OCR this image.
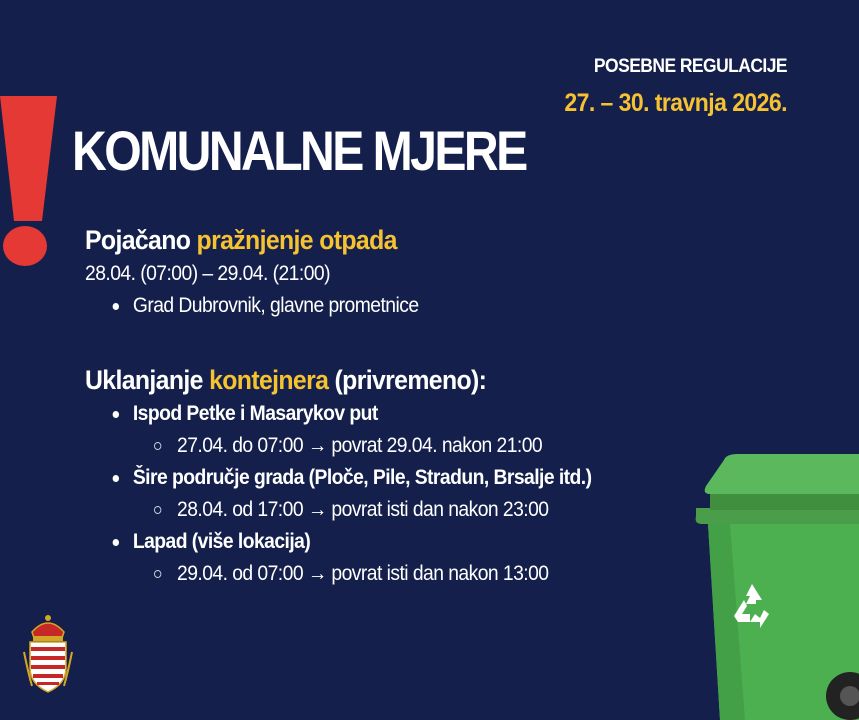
POSEBNE REGULACIJE
27. – 30. travnja 2026.
KOMUNALNE MJERE
Pojačano pražnjenje otpada
28.04. (07:00) – 29.04. (21:00)
Grad Dubrovnik, glavne prometnice
Uklanjanje kontejnera (privremeno):
Ispod Petke i Masarykov put
27.04. do 07:00 → povrat 29.04. nakon 21:00
Šire područje grada (Ploče, Pile, Stradun, Brsalje itd.)
28.04. od 17:00 → povrat isti dan nakon 23:00
Lapad (više lokacija)
29.04. od 07:00 → povrat isti dan nakon 13:00
